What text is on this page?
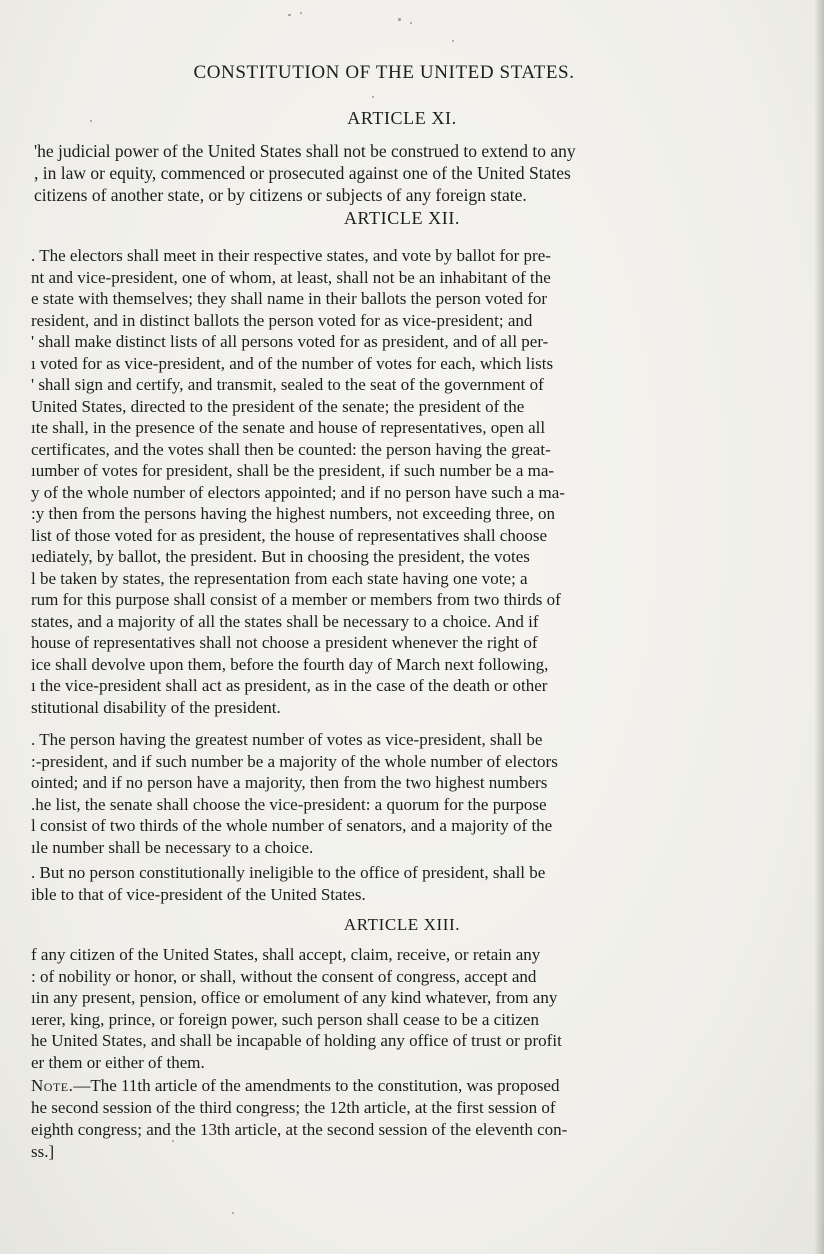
CONSTITUTION OF THE UNITED STATES.
ARTICLE XI.

'he judicial power of the United States shall not be construed to extend to any
, in law or equity, commenced or prosecuted against one of the United States
citizens of another state, or by citizens or subjects of any foreign state.

ARTICLE XII.

. The electors shall meet in their respective states, and vote by ballot for pre-
nt and vice-president, one of whom, at least, shall not be an inhabitant of the
e state with themselves; they shall name in their ballots the person voted for
resident, and in distinct ballots the person voted for as vice-president; and
' shall make distinct lists of all persons voted for as president, and of all per-
ı voted for as vice-president, and of the number of votes for each, which lists
' shall sign and certify, and transmit, sealed to the seat of the government of
United States, directed to the president of the senate; the president of the
ıte shall, in the presence of the senate and house of representatives, open all
certificates, and the votes shall then be counted: the person having the great-
ıumber of votes for president, shall be the president, if such number be a ma-
y of the whole number of electors appointed; and if no person have such a ma-
:y then from the persons having the highest numbers, not exceeding three, on
list of those voted for as president, the house of representatives shall choose
ıediately, by ballot, the president. But in choosing the president, the votes
l be taken by states, the representation from each state having one vote; a
rum for this purpose shall consist of a member or members from two thirds of
states, and a majority of all the states shall be necessary to a choice. And if
house of representatives shall not choose a president whenever the right of
ice shall devolve upon them, before the fourth day of March next following,
ı the vice-president shall act as president, as in the case of the death or other
stitutional disability of the president.

. The person having the greatest number of votes as vice-president, shall be
:-president, and if such number be a majority of the whole number of electors
ointed; and if no person have a majority, then from the two highest numbers
.he list, the senate shall choose the vice-president: a quorum for the purpose
l consist of two thirds of the whole number of senators, and a majority of the
ıle number shall be necessary to a choice.

. But no person constitutionally ineligible to the office of president, shall be
ible to that of vice-president of the United States.

ARTICLE XIII.

f any citizen of the United States, shall accept, claim, receive, or retain any
: of nobility or honor, or shall, without the consent of congress, accept and
ıin any present, pension, office or emolument of any kind whatever, from any
ıerer, king, prince, or foreign power, such person shall cease to be a citizen
he United States, and shall be incapable of holding any office of trust or profit
er them or either of them.

Note.—The 11th article of the amendments to the constitution, was proposed
he second session of the third congress; the 12th article, at the first session of
eighth congress; and the 13th article, at the second session of the eleventh con-
ss.]
